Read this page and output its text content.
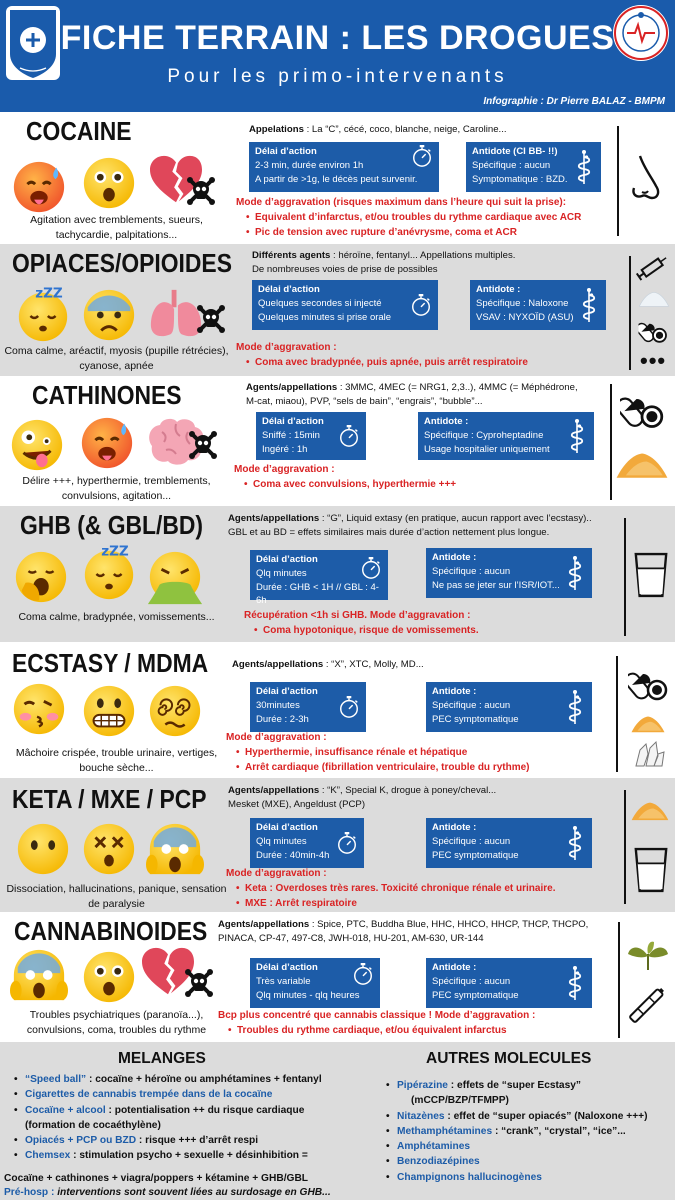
FICHE TERRAIN : LES DROGUES
Pour les primo-intervenants
Infographie : Dr Pierre BALAZ - BMPM
COCAINE
Agitation avec tremblements, sueurs, tachycardie, palpitations...
Appelations : La “C”, cécé, coco, blanche, neige, Caroline...
Délai d’action
2-3 min, durée environ 1h
A partir de >1g, le décès peut survenir.
Antidote (CI BB- !!)
Spécifique : aucun
Symptomatique : BZD.
Mode d’aggravation (risques maximum dans l’heure qui suit la prise):
• Equivalent d’infarctus, et/ou troubles du rythme cardiaque avec ACR
• Pic de tension avec rupture d’anévrysme, coma et ACR
OPIACES/OPIOIDES
zZZ
Coma calme, aréactif, myosis (pupille rétrécies), cyanose, apnée
Différents agents : héroïne, fentanyl... Appellations multiples.
De nombreuses voies de prise de possibles
Délai d’action
Quelques secondes si injecté
Quelques minutes si prise orale
Antidote :
Spécifique : Naloxone
VSAV : NYXOÏD (ASU)
Mode d’aggravation :
• Coma avec bradypnée, puis apnée, puis arrêt respiratoire	•••
CATHINONES
Délire +++, hyperthermie, tremblements, convulsions, agitation...
Agents/appellations : 3MMC, 4MEC (= NRG1, 2,3..), 4MMC (= Méphédrone,
M-cat, miaou), PVP, “sels de bain”, “engrais”, “bubble”...
Délai d’action
Sniffé : 15min
Ingéré : 1h
Antidote :
Spécifique : Cyproheptadine
Usage hospitalier uniquement
Mode d’aggravation :
• Coma avec convulsions, hyperthermie +++
GHB (& GBL/BD)
zZZ
Coma calme, bradypnée, vomissements...
Agents/appellations : “G”, Liquid extasy (en pratique, aucun rapport avec l’ecstasy)..
GBL et au BD = effets similaires mais durée d’action nettement plus longue.
Délai d’action
Qlq minutes
Durée : GHB < 1H // GBL : 4-6h
Antidote :
Spécifique : aucun
Ne pas se jeter sur l’ISR/IOT...
Récupération <1h si GHB. Mode d’aggravation :
• Coma hypotonique, risque de vomissements.
ECSTASY / MDMA
Mâchoire crispée, trouble urinaire, vertiges, bouche sèche...
Agents/appellations : “X”, XTC, Molly, MD...
Délai d’action
30minutes
Durée : 2-3h
Antidote :
Spécifique : aucun
PEC symptomatique
Mode d’aggravation :
• Hyperthermie, insuffisance rénale et hépatique
• Arrêt cardiaque (fibrillation ventriculaire, trouble du rythme)
KETA / MXE / PCP
Dissociation, hallucinations, panique, sensation de paralysie
Agents/appellations : “K”, Special K, drogue à poney/cheval...
Mesket (MXE), Angeldust (PCP)
Délai d’action
Qlq minutes
Durée : 40min-4h
Antidote :
Spécifique : aucun
PEC symptomatique
Mode d’aggravation :
• Keta : Overdoses très rares. Toxicité chronique rénale et urinaire.
• MXE : Arrêt respiratoire
CANNABINOIDES
Troubles psychiatriques (paranoïa...), convulsions, coma, troubles du rythme
Agents/appellations : Spice, PTC, Buddha Blue, HHC, HHCO, HHCP, THCP, THCPO,
PINACA, CP-47, 497-C8, JWH-018, HU-201, AM-630, UR-144
Délai d’action
Très variable
Qlq minutes - qlq heures
Antidote :
Spécifique : aucun
PEC symptomatique
Bcp plus concentré que cannabis classique ! Mode d’aggravation :
• Troubles du rythme cardiaque, et/ou équivalent infarctus
MELANGES
• “Speed ball” : cocaïne + héroïne ou amphétamines + fentanyl
• Cigarettes de cannabis trempée dans de la cocaïne
• Cocaïne + alcool : potentialisation ++ du risque cardiaque
(formation de cocaéthylène)
• Opiacés + PCP ou BZD : risque +++ d’arrêt respi
• Chemsex : stimulation psycho + sexuelle + désinhibition =
Cocaïne + cathinones + viagra/poppers + kétamine + GHB/GBL
Pré-hosp : interventions sont souvent liées au surdosage en GHB...
AUTRES MOLECULES
• Pipérazine : effets de “super Ecstasy”
(mCCP/BZP/TFMPP)
• Nitazènes : effet de “super opiacés” (Naloxone +++)
• Methamphétamines : “crank”, “crystal”, “ice”...
• Amphétamines
• Benzodiazépines
• Champignons hallucinogènes
